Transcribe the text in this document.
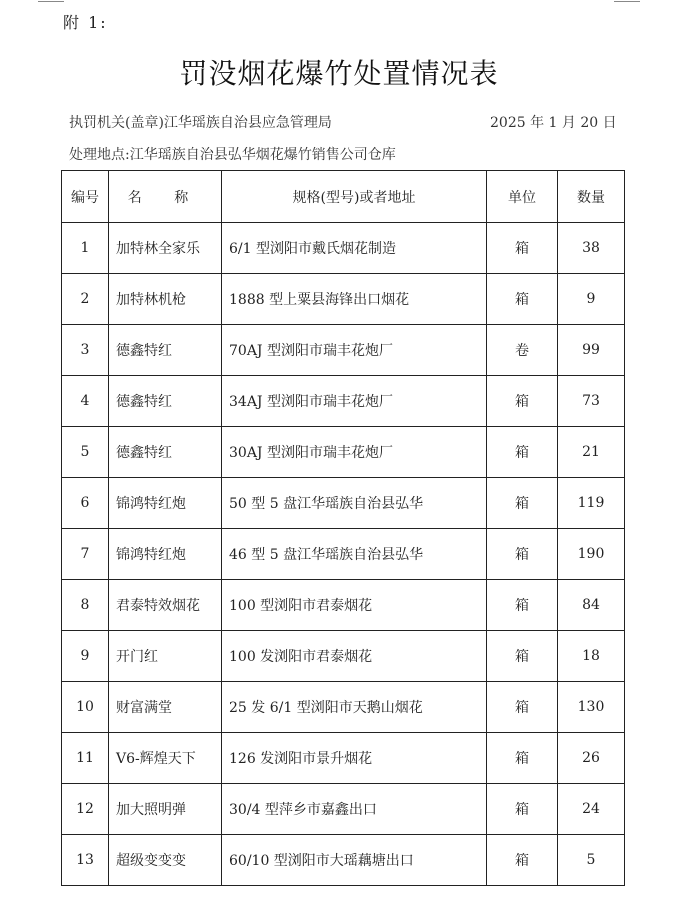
附 1:
罚没烟花爆竹处置情况表
执罚机关(盖章)江华瑶族自治县应急管理局	2025 年 1 月 20 日
处理地点:江华瑶族自治县弘华烟花爆竹销售公司仓库
编号	名 称	规格(型号)或者地址	单位	数量
1	加特林全家乐	6/1 型浏阳市戴氏烟花制造	箱	38
2	加特林机枪	1888 型上粟县海锋出口烟花	箱	9
3	德鑫特红	70AJ 型浏阳市瑞丰花炮厂	卷	99
4	德鑫特红	34AJ 型浏阳市瑞丰花炮厂	箱	73
5	德鑫特红	30AJ 型浏阳市瑞丰花炮厂	箱	21
6	锦鸿特红炮	50 型 5 盘江华瑶族自治县弘华	箱	119
7	锦鸿特红炮	46 型 5 盘江华瑶族自治县弘华	箱	190
8	君泰特效烟花	100 型浏阳市君泰烟花	箱	84
9	开门红	100 发浏阳市君泰烟花	箱	18
10	财富满堂	25 发 6/1 型浏阳市天鹅山烟花	箱	130
11	V6-辉煌天下	126 发浏阳市景升烟花	箱	26
12	加大照明弹	30/4 型萍乡市嘉鑫出口	箱	24
13	超级变变变	60/10 型浏阳市大瑶藕塘出口	箱	5
